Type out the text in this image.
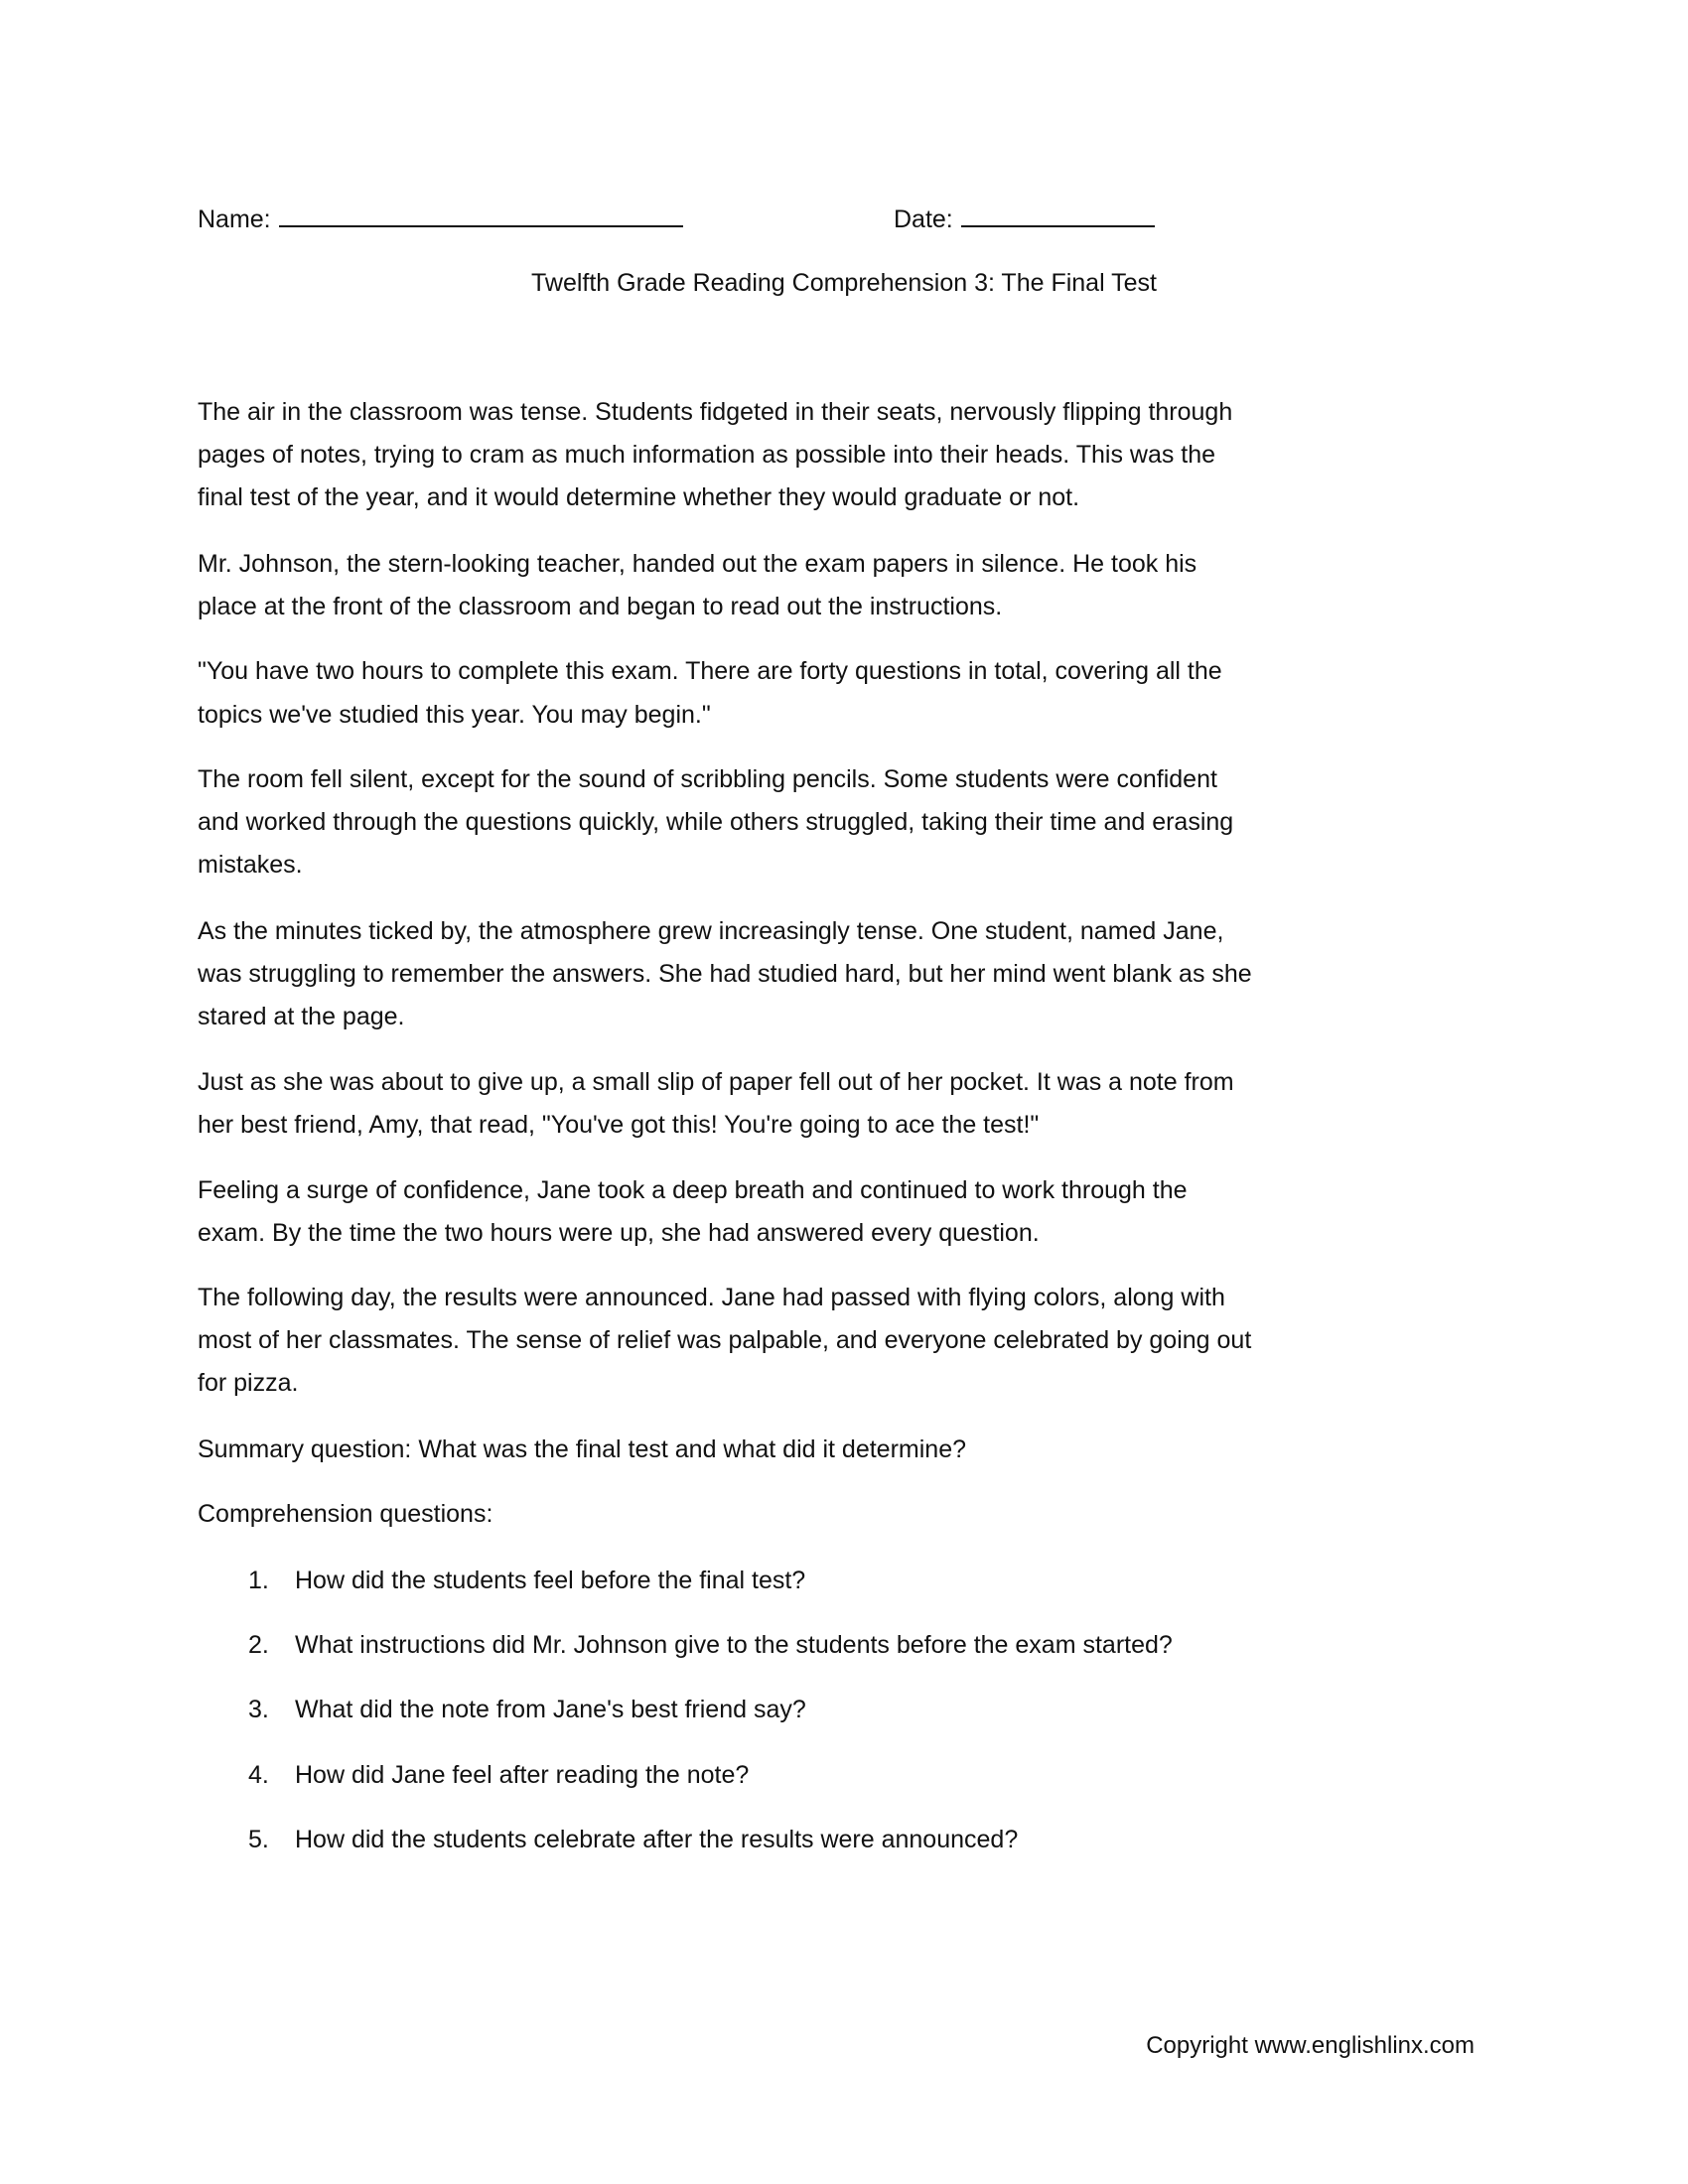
Name:	Date:
Twelfth Grade Reading Comprehension 3: The Final Test
The air in the classroom was tense. Students fidgeted in their seats, nervously flipping through
pages of notes, trying to cram as much information as possible into their heads. This was the
final test of the year, and it would determine whether they would graduate or not.
Mr. Johnson, the stern-looking teacher, handed out the exam papers in silence. He took his
place at the front of the classroom and began to read out the instructions.
"You have two hours to complete this exam. There are forty questions in total, covering all the
topics we've studied this year. You may begin."
The room fell silent, except for the sound of scribbling pencils. Some students were confident
and worked through the questions quickly, while others struggled, taking their time and erasing
mistakes.
As the minutes ticked by, the atmosphere grew increasingly tense. One student, named Jane,
was struggling to remember the answers. She had studied hard, but her mind went blank as she
stared at the page.
Just as she was about to give up, a small slip of paper fell out of her pocket. It was a note from
her best friend, Amy, that read, "You've got this! You're going to ace the test!"
Feeling a surge of confidence, Jane took a deep breath and continued to work through the
exam. By the time the two hours were up, she had answered every question.
The following day, the results were announced. Jane had passed with flying colors, along with
most of her classmates. The sense of relief was palpable, and everyone celebrated by going out
for pizza.
Summary question: What was the final test and what did it determine?
Comprehension questions:
1. How did the students feel before the final test?
2. What instructions did Mr. Johnson give to the students before the exam started?
3. What did the note from Jane's best friend say?
4. How did Jane feel after reading the note?
5. How did the students celebrate after the results were announced?
Copyright www.englishlinx.com
